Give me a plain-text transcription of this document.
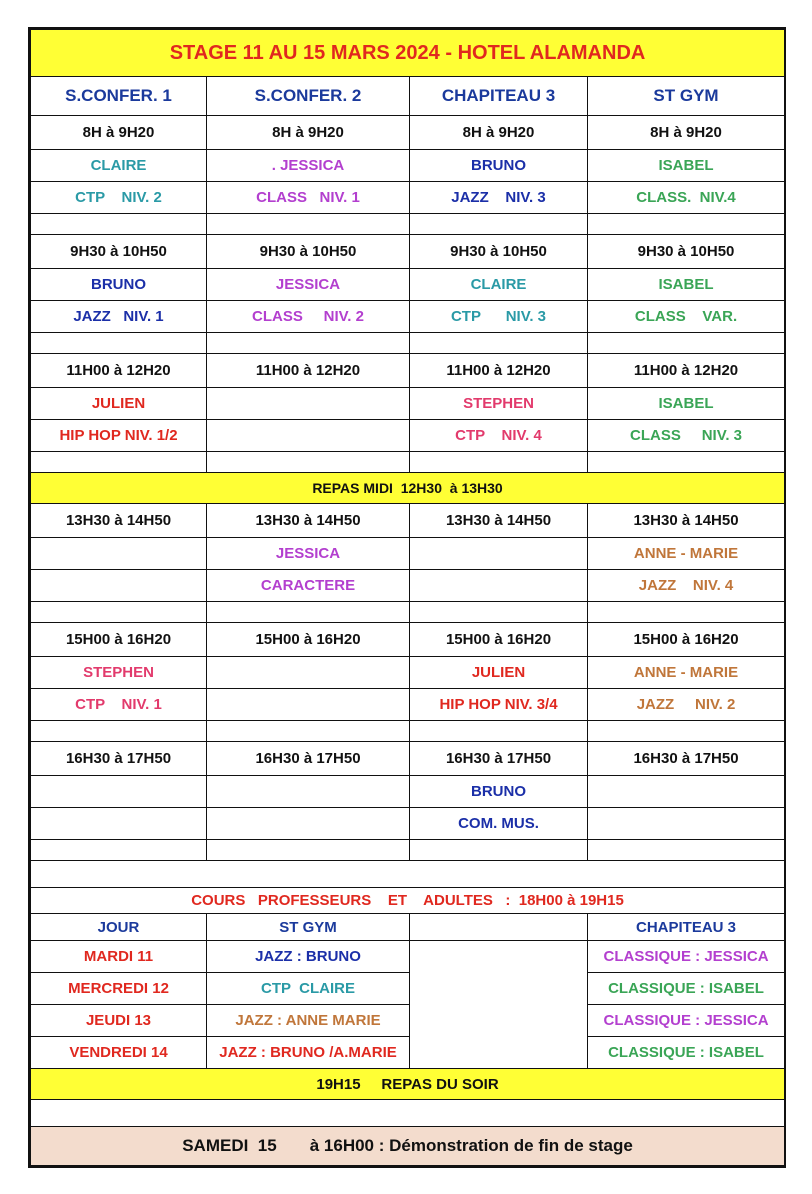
STAGE 11 AU 15 MARS 2024 - HOTEL ALAMANDA			
S.CONFER. 1	S.CONFER. 2	CHAPITEAU 3	ST GYM
8H à 9H20	8H à 9H20	8H à 9H20	8H à 9H20
CLAIRE	. JESSICA	BRUNO	ISABEL
CTP    NIV. 2	CLASS   NIV. 1	JAZZ    NIV. 3	CLASS.  NIV.4

9H30 à 10H50	9H30 à 10H50	9H30 à 10H50	9H30 à 10H50
BRUNO	JESSICA	CLAIRE	ISABEL
JAZZ   NIV. 1	CLASS     NIV. 2	CTP      NIV. 3	CLASS    VAR.

11H00 à 12H20	11H00 à 12H20	11H00 à 12H20	11H00 à 12H20
JULIEN		STEPHEN	ISABEL
HIP HOP NIV. 1/2		CTP    NIV. 4	CLASS     NIV. 3

REPAS MIDI  12H30  à 13H30			
13H30 à 14H50	13H30 à 14H50	13H30 à 14H50	13H30 à 14H50
	JESSICA		ANNE - MARIE
	CARACTERE		JAZZ    NIV. 4

15H00 à 16H20	15H00 à 16H20	15H00 à 16H20	15H00 à 16H20
STEPHEN		JULIEN	ANNE - MARIE
CTP    NIV. 1		HIP HOP NIV. 3/4	JAZZ     NIV. 2

16H30 à 17H50	16H30 à 17H50	16H30 à 17H50	16H30 à 17H50
		BRUNO	
		COM. MUS.	

COURS   PROFESSEURS    ET    ADULTES   :  18H00 à 19H15			
JOUR	ST GYM		CHAPITEAU 3
MARDI 11	JAZZ : BRUNO		CLASSIQUE : JESSICA
MERCREDI 12	CTP  CLAIRE		CLASSIQUE : ISABEL
JEUDI 13	JAZZ : ANNE MARIE		CLASSIQUE : JESSICA
VENDREDI 14	JAZZ : BRUNO /A.MARIE		CLASSIQUE : ISABEL
19H15     REPAS DU SOIR			

SAMEDI  15       à 16H00 : Démonstration de fin de stage			
